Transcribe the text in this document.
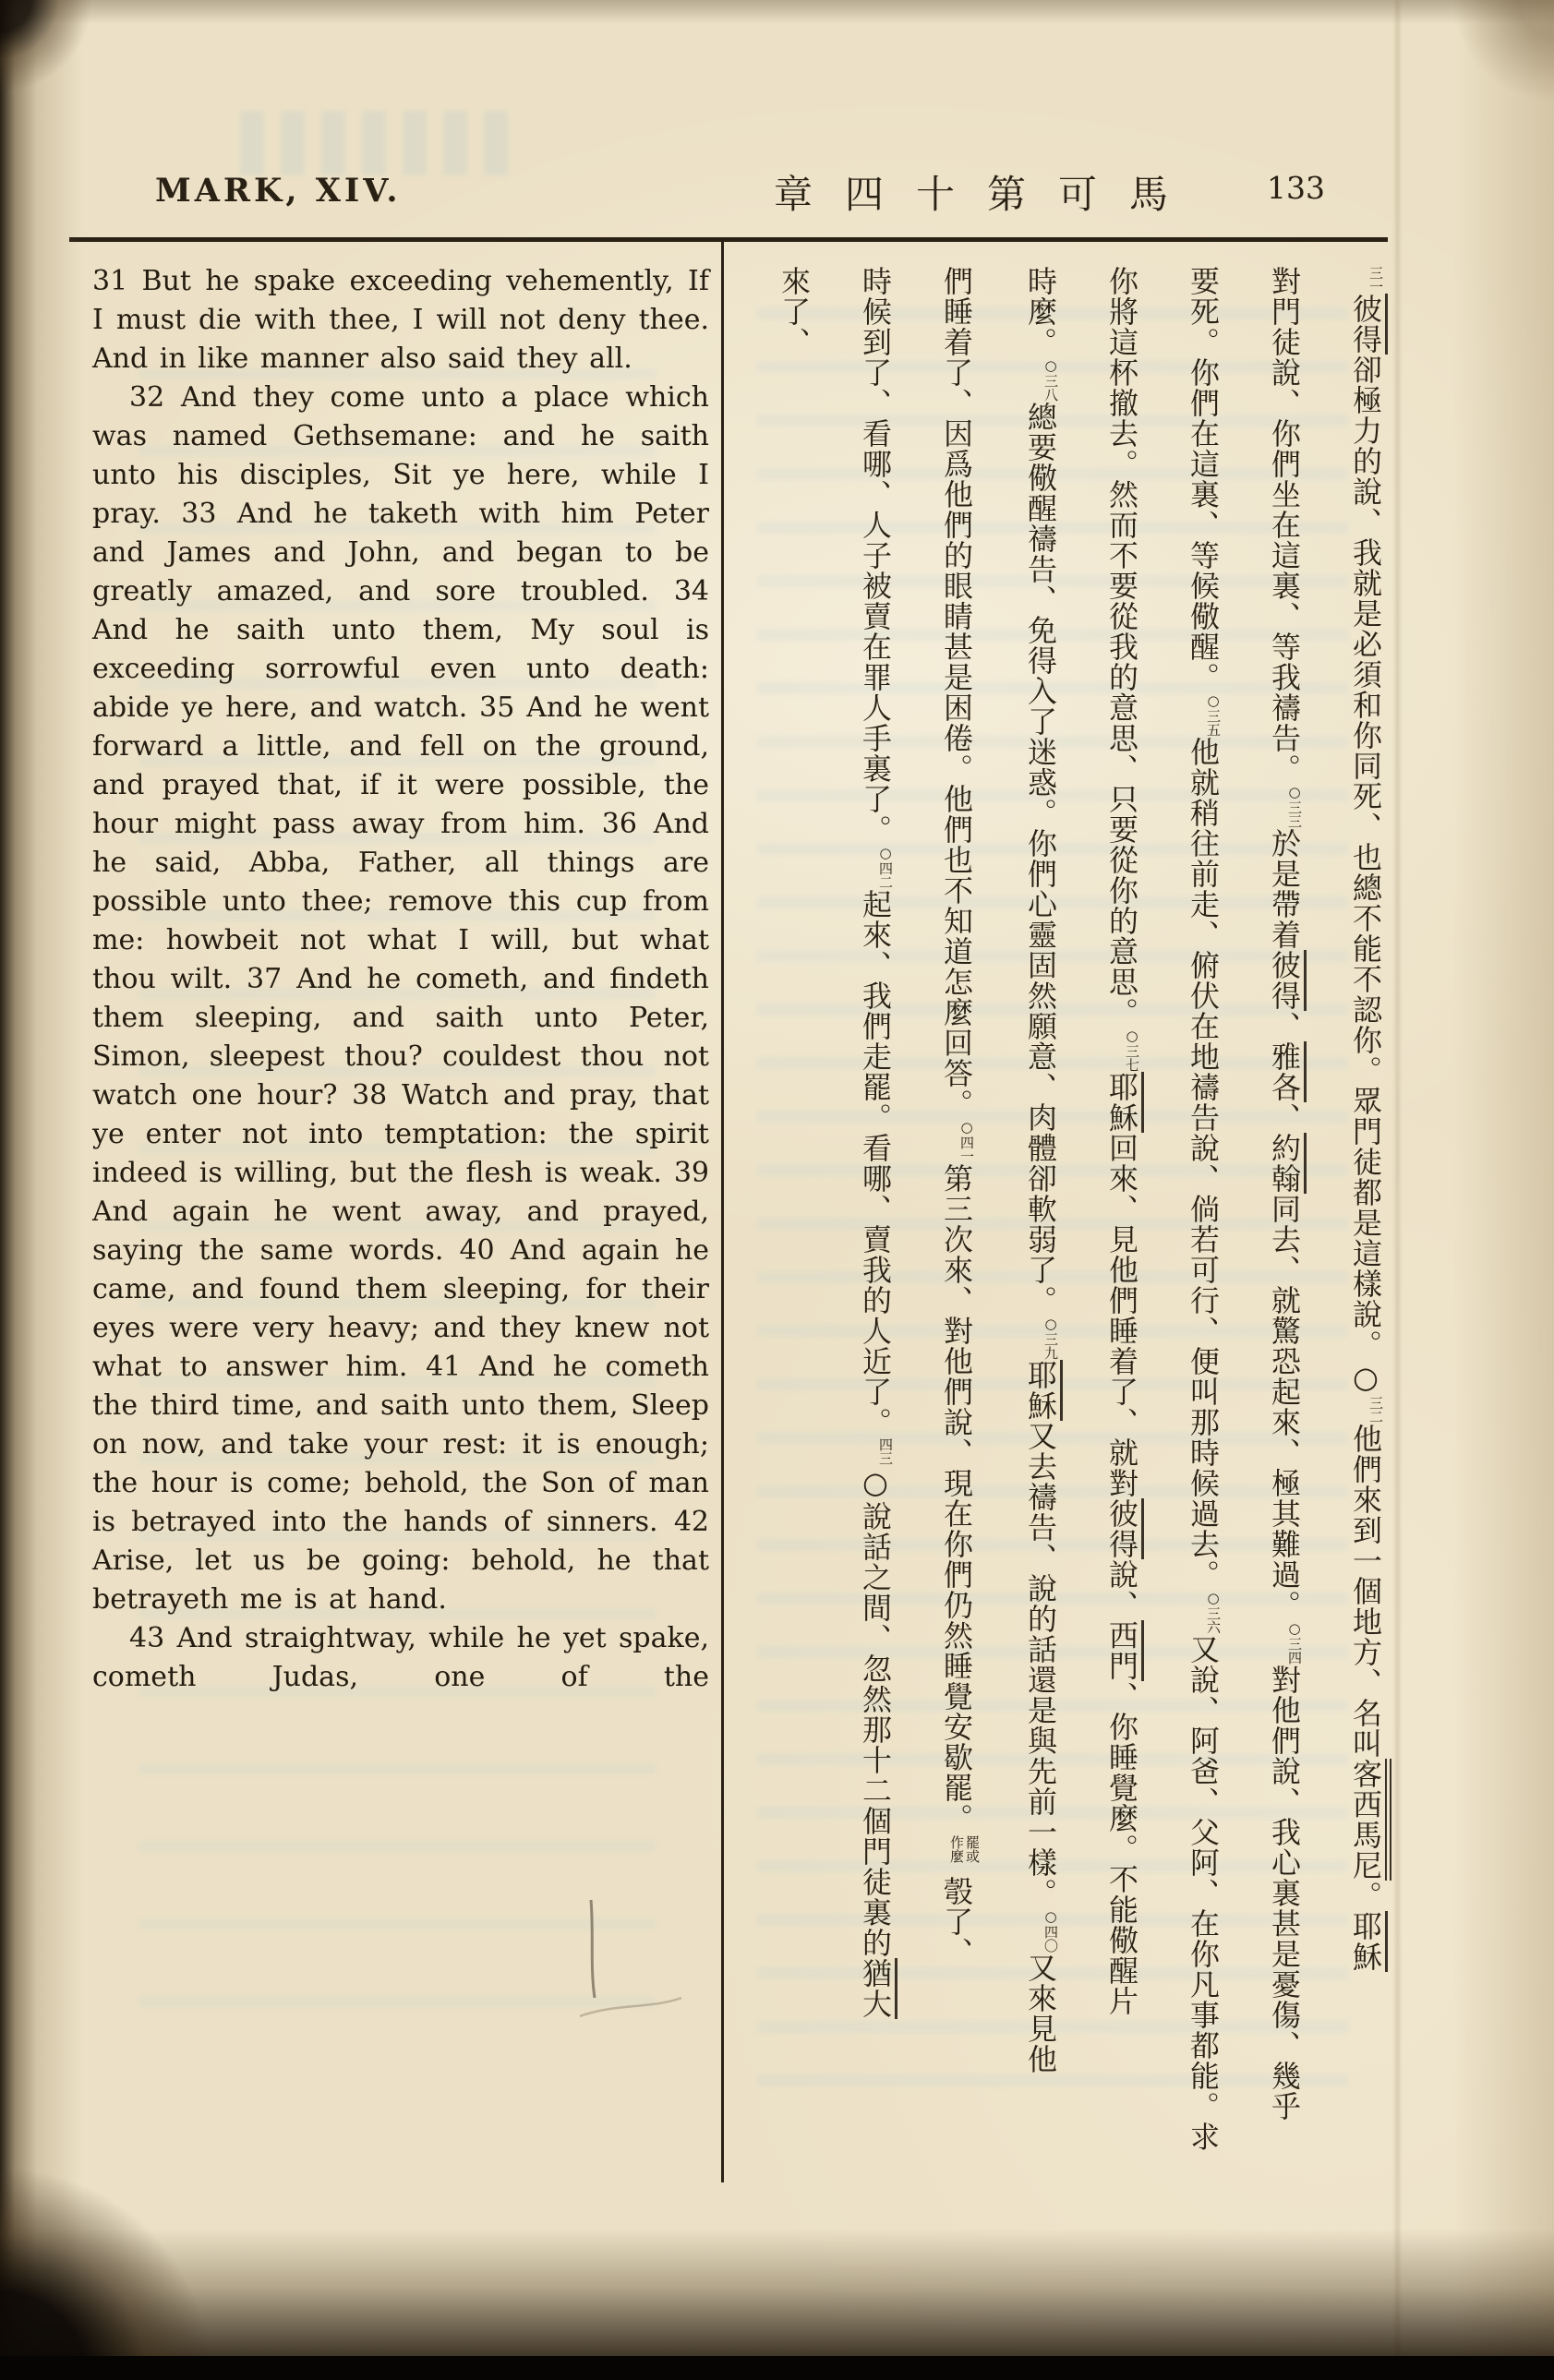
MARK, XIV.	章四十第可馬 133

31 But he spake exceeding vehemently, If I must die with thee, I will not deny thee. And in like manner also said they all.

32 And they come unto a place which was named Gethsemane: and he saith unto his disciples, Sit ye here, while I pray. 33 And he taketh with him Peter and James and John, and began to be greatly amazed, and sore troubled. 34 And he saith unto them, My soul is exceeding sorrowful even unto death: abide ye here, and watch. 35 And he went forward a little, and fell on the ground, and prayed that, if it were possible, the hour might pass away from him. 36 And he said, Abba, Father, all things are possible unto thee; remove this cup from me: howbeit not what I will, but what thou wilt. 37 And he cometh, and findeth them sleeping, and saith unto Peter, Simon, sleepest thou? couldest thou not watch one hour? 38 Watch and pray, that ye enter not into temptation: the spirit indeed is willing, but the flesh is weak. 39 And again he went away, and prayed, saying the same words. 40 And again he came, and found them sleeping, for their eyes were very heavy; and they knew not what to answer him. 41 And he cometh the third time, and saith unto them, Sleep on now, and take your rest: it is enough; the hour is come; behold, the Son of man is betrayed into the hands of sinners. 42 Arise, let us be going: behold, he that betrayeth me is at hand.

43 And straightway, while he yet spake, cometh Judas, one of the

三一彼得卻極力的說、我就是必須和你同死、也總不能不認你。眾門徒都是這樣說。○三二他們來到一個地方、名叫客西馬尼。耶穌
對門徒說、你們坐在這裏、等我禱告。○三三於是帶着彼得、雅各、約翰同去、就驚恐起來、極其難過。○三四對他們說、我心裏甚是憂傷、幾乎
要死。你們在這裏、等候儆醒。○三五他就稍往前走、俯伏在地禱告說、倘若可行、便叫那時候過去。○三六又說、阿爸、父阿、在你凡事都能。求
你將這杯撤去。然而不要從我的意思、只要從你的意思。○三七耶穌回來、見他們睡着了、就對彼得說、西門、你睡覺麼。不能儆醒片
時麼。○三八總要儆醒禱告、免得入了迷惑。你們心靈固然願意、肉體卻軟弱了。○三九耶穌又去禱告、說的話還是與先前一樣。○四〇又來見他
們睡着了、因爲他們的眼睛甚是困倦。他們也不知道怎麼回答。○四一第三次來、對他們說、現在你們仍然睡覺安歇罷。罷或作麼彀了、
時候到了、看哪、人子被賣在罪人手裏了。○四二起來、我們走罷。看哪、賣我的人近了。四三○說話之間、忽然那十二個門徒裏的猶大
來了、
